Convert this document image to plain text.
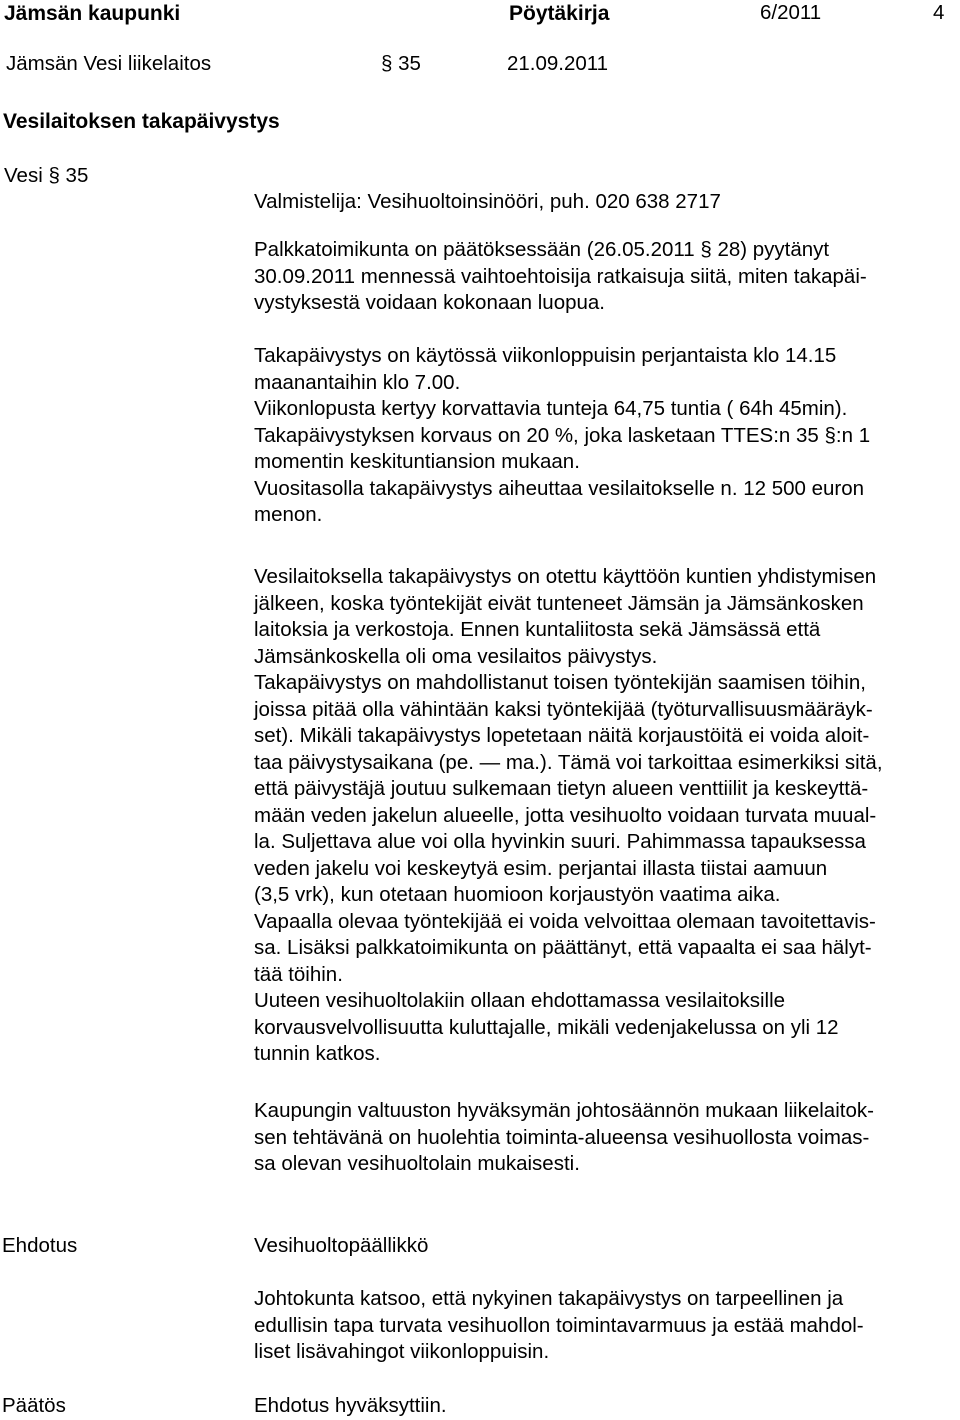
Jämsän kaupunki	Pöytäkirja	6/2011	4
Jämsän Vesi liikelaitos	§ 35	21.09.2011
Vesilaitoksen takapäivystys
Vesi § 35
Valmistelija: Vesihuoltoinsinööri, puh. 020 638 2717
Palkkatoimikunta on päätöksessään (26.05.2011 § 28) pyytänyt
30.09.2011 mennessä vaihtoehtoisija ratkaisuja siitä, miten takapäi-
vystyksestä voidaan kokonaan luopua.
Takapäivystys on käytössä viikonloppuisin perjantaista klo 14.15
maanantaihin klo 7.00.
Viikonlopusta kertyy korvattavia tunteja 64,75 tuntia ( 64h 45min).
Takapäivystyksen korvaus on 20 %, joka lasketaan TTES:n 35 §:n 1
momentin keskituntiansion mukaan.
Vuositasolla takapäivystys aiheuttaa vesilaitokselle n. 12 500 euron
menon.
Vesilaitoksella takapäivystys on otettu käyttöön kuntien yhdistymisen
jälkeen, koska työntekijät eivät tunteneet Jämsän ja Jämsänkosken
laitoksia ja verkostoja. Ennen kuntaliitosta sekä Jämsässä että
Jämsänkoskella oli oma vesilaitos päivystys.
Takapäivystys on mahdollistanut toisen työntekijän saamisen töihin,
joissa pitää olla vähintään kaksi työntekijää (työturvallisuusmääräyk-
set). Mikäli takapäivystys lopetetaan näitä korjaustöitä ei voida aloit-
taa päivystysaikana (pe. — ma.). Tämä voi tarkoittaa esimerkiksi sitä,
että päivystäjä joutuu sulkemaan tietyn alueen venttiilit ja keskeyttä-
mään veden jakelun alueelle, jotta vesihuolto voidaan turvata muual-
la. Suljettava alue voi olla hyvinkin suuri. Pahimmassa tapauksessa
veden jakelu voi keskeytyä esim. perjantai illasta tiistai aamuun
(3,5 vrk), kun otetaan huomioon korjaustyön vaatima aika.
Vapaalla olevaa työntekijää ei voida velvoittaa olemaan tavoitettavis-
sa. Lisäksi palkkatoimikunta on päättänyt, että vapaalta ei saa hälyt-
tää töihin.
Uuteen vesihuoltolakiin ollaan ehdottamassa vesilaitoksille
korvausvelvollisuutta kuluttajalle, mikäli vedenjakelussa on yli 12
tunnin katkos.
Kaupungin valtuuston hyväksymän johtosäännön mukaan liikelaitok-
sen tehtävänä on huolehtia toiminta-alueensa vesihuollosta voimas-
sa olevan vesihuoltolain mukaisesti.
Ehdotus	Vesihuoltopäällikkö
Johtokunta katsoo, että nykyinen takapäivystys on tarpeellinen ja
edullisin tapa turvata vesihuollon toimintavarmuus ja estää mahdol-
liset lisävahingot viikonloppuisin.
Päätös	Ehdotus hyväksyttiin.
